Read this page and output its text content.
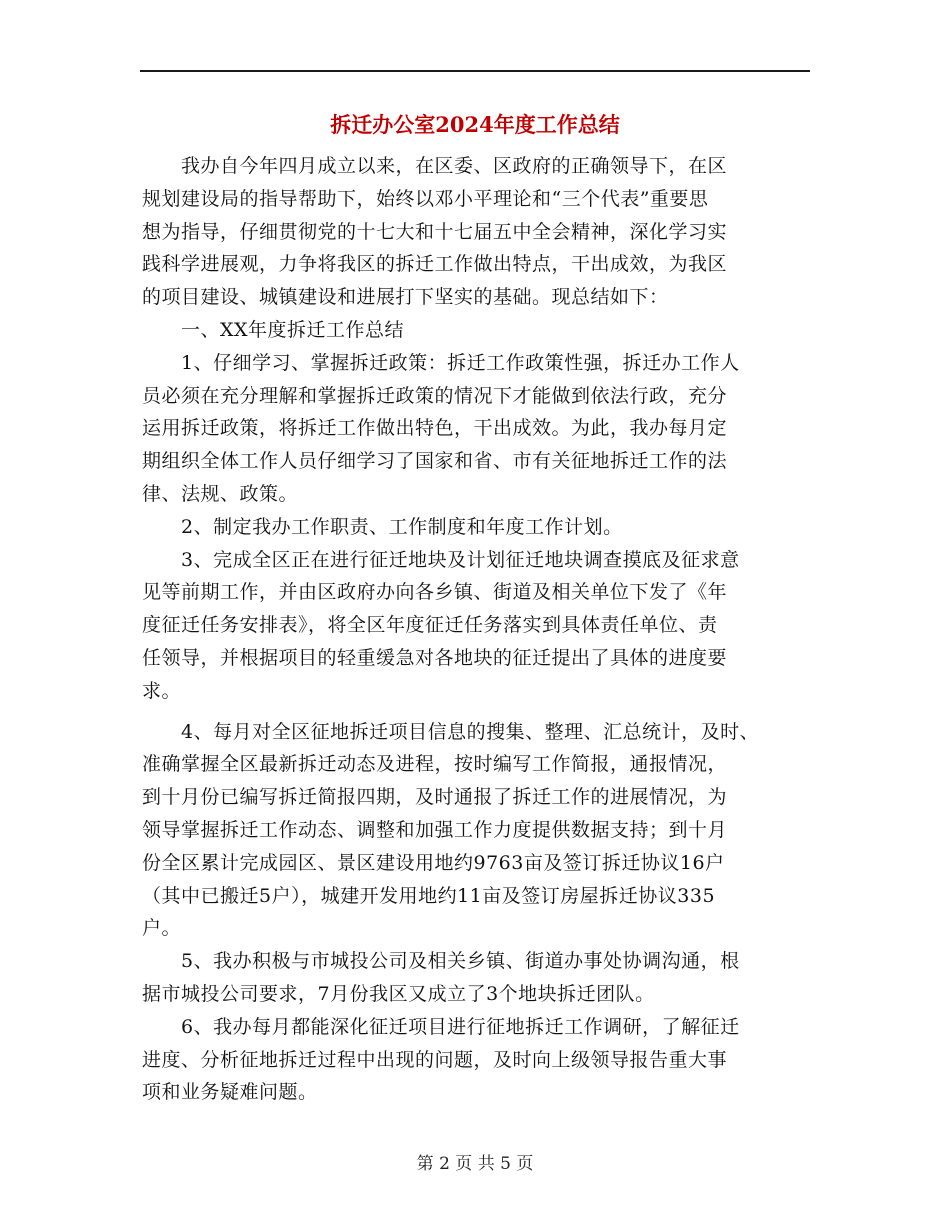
拆迁办公室2024年度工作总结
　　我办自今年四月成立以来，在区委、区政府的正确领导下，在区
规划建设局的指导帮助下，始终以邓小平理论和“三个代表”重要思
想为指导，仔细贯彻党的十七大和十七届五中全会精神，深化学习实
践科学进展观，力争将我区的拆迁工作做出特点，干出成效，为我区
的项目建设、城镇建设和进展打下坚实的基础。现总结如下：
　　一、XX年度拆迁工作总结
　　1、仔细学习、掌握拆迁政策：拆迁工作政策性强，拆迁办工作人
员必须在充分理解和掌握拆迁政策的情况下才能做到依法行政，充分
运用拆迁政策，将拆迁工作做出特色，干出成效。为此，我办每月定
期组织全体工作人员仔细学习了国家和省、市有关征地拆迁工作的法
律、法规、政策。
　　2、制定我办工作职责、工作制度和年度工作计划。
　　3、完成全区正在进行征迁地块及计划征迁地块调查摸底及征求意
见等前期工作，并由区政府办向各乡镇、街道及相关单位下发了《年
度征迁任务安排表》，将全区年度征迁任务落实到具体责任单位、责
任领导，并根据项目的轻重缓急对各地块的征迁提出了具体的进度要
求。
　　4、每月对全区征地拆迁项目信息的搜集、整理、汇总统计，及时、
准确掌握全区最新拆迁动态及进程，按时编写工作简报，通报情况，
到十月份已编写拆迁简报四期，及时通报了拆迁工作的进展情况，为
领导掌握拆迁工作动态、调整和加强工作力度提供数据支持；到十月
份全区累计完成园区、景区建设用地约9763亩及签订拆迁协议16户
（其中已搬迁5户），城建开发用地约11亩及签订房屋拆迁协议335
户。
　　5、我办积极与市城投公司及相关乡镇、街道办事处协调沟通，根
据市城投公司要求，7月份我区又成立了3个地块拆迁团队。
　　6、我办每月都能深化征迁项目进行征地拆迁工作调研，了解征迁
进度、分析征地拆迁过程中出现的问题，及时向上级领导报告重大事
项和业务疑难问题。
第 2 页 共 5 页
